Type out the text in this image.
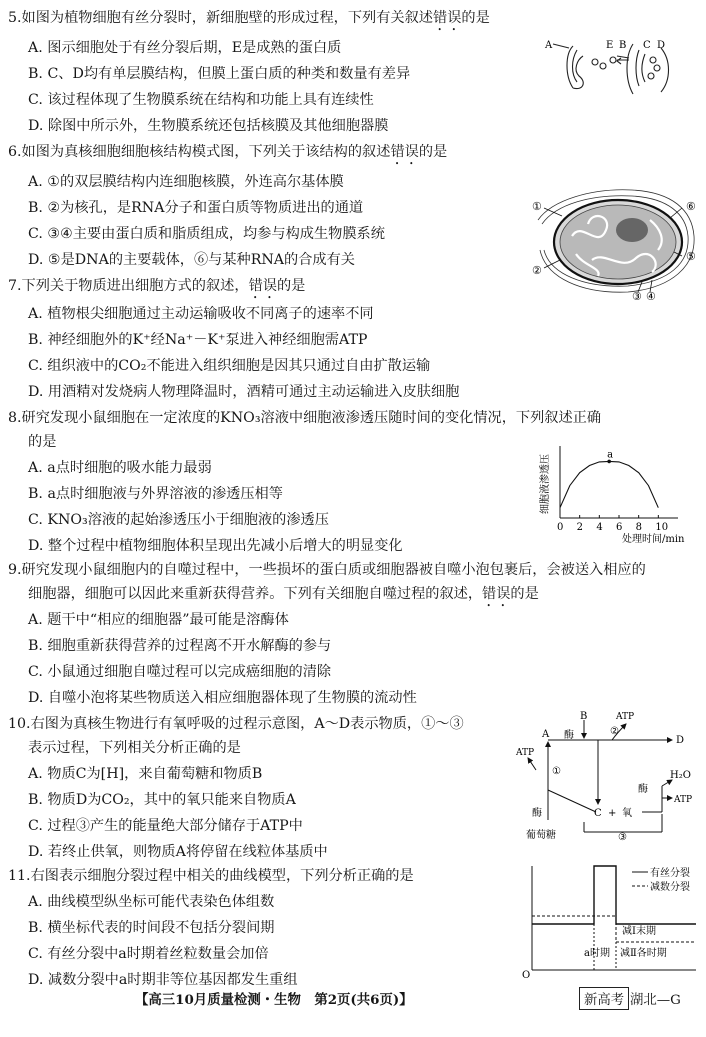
5.如图为植物细胞有丝分裂时，新细胞壁的形成过程，下列有关叙述错误的是
A. 图示细胞处于有丝分裂后期，E是成熟的蛋白质
B. C、D均有单层膜结构，但膜上蛋白质的种类和数量有差异
C. 该过程体现了生物膜系统在结构和功能上具有连续性
D. 除图中所示外，生物膜系统还包括核膜及其他细胞器膜
A	E B C D
6.如图为真核细胞细胞核结构模式图，下列关于该结构的叙述错误的是
A. ①的双层膜结构内连细胞核膜，外连高尔基体膜
B. ②为核孔，是RNA分子和蛋白质等物质进出的通道
C. ③④主要由蛋白质和脂质组成，均参与构成生物膜系统
D. ⑤是DNA的主要载体，⑥与某种RNA的合成有关
①
②
③ ④
⑤
⑥
7.下列关于物质进出细胞方式的叙述，错误的是
A. 植物根尖细胞通过主动运输吸收不同离子的速率不同
B. 神经细胞外的K⁺经Na⁺－K⁺泵进入神经细胞需ATP
C. 组织液中的CO₂不能进入组织细胞是因其只通过自由扩散运输
D. 用酒精对发烧病人物理降温时，酒精可通过主动运输进入皮肤细胞
8.研究发现小鼠细胞在一定浓度的KNO₃溶液中细胞液渗透压随时间的变化情况，下列叙述正确
的是
A. a点时细胞的吸水能力最弱
B. a点时细胞液与外界溶液的渗透压相等
C. KNO₃溶液的起始渗透压小于细胞液的渗透压
D. 整个过程中植物细胞体积呈现出先减小后增大的明显变化
细胞液渗透压	a
0 2 4 6 8 10
处理时间/min
9.研究发现小鼠细胞内的自噬过程中，一些损坏的蛋白质或细胞器被自噬小泡包裹后，会被送入相应的
细胞器，细胞可以因此来重新获得营养。下列有关细胞自噬过程的叙述，错误的是
A. 题干中“相应的细胞器”最可能是溶酶体
B. 细胞重新获得营养的过程离不开水解酶的参与
C. 小鼠通过细胞自噬过程可以完成癌细胞的清除
D. 自噬小泡将某些物质送入相应细胞器体现了生物膜的流动性
10.右图为真核生物进行有氧呼吸的过程示意图，A～D表示物质，①～③
表示过程，下列相关分析正确的是
A. 物质C为[H]，来自葡萄糖和物质B
B. 物质D为CO₂，其中的氧只能来自物质A
C. 过程③产生的能量绝大部分储存于ATP中
D. 若终止供氧，则物质A将停留在线粒体基质中
B	ATP
酶	②
A
D
ATP
①
C + 氧
酶
H₂O
ATP
酶
葡萄糖	③
11.右图表示细胞分裂过程中相关的曲线模型，下列分析正确的是
A. 曲线模型纵坐标可能代表染色体组数
B. 横坐标代表的时间段不包括分裂间期
C. 有丝分裂中a时期着丝粒数量会加倍
D. 减数分裂中a时期非等位基因都发生重组
有丝分裂
减数分裂
减Ⅰ末期
a时期 减Ⅱ各时期
O
【高三10月质量检测・生物　第2页(共6页)】	新高考 湖北—G
